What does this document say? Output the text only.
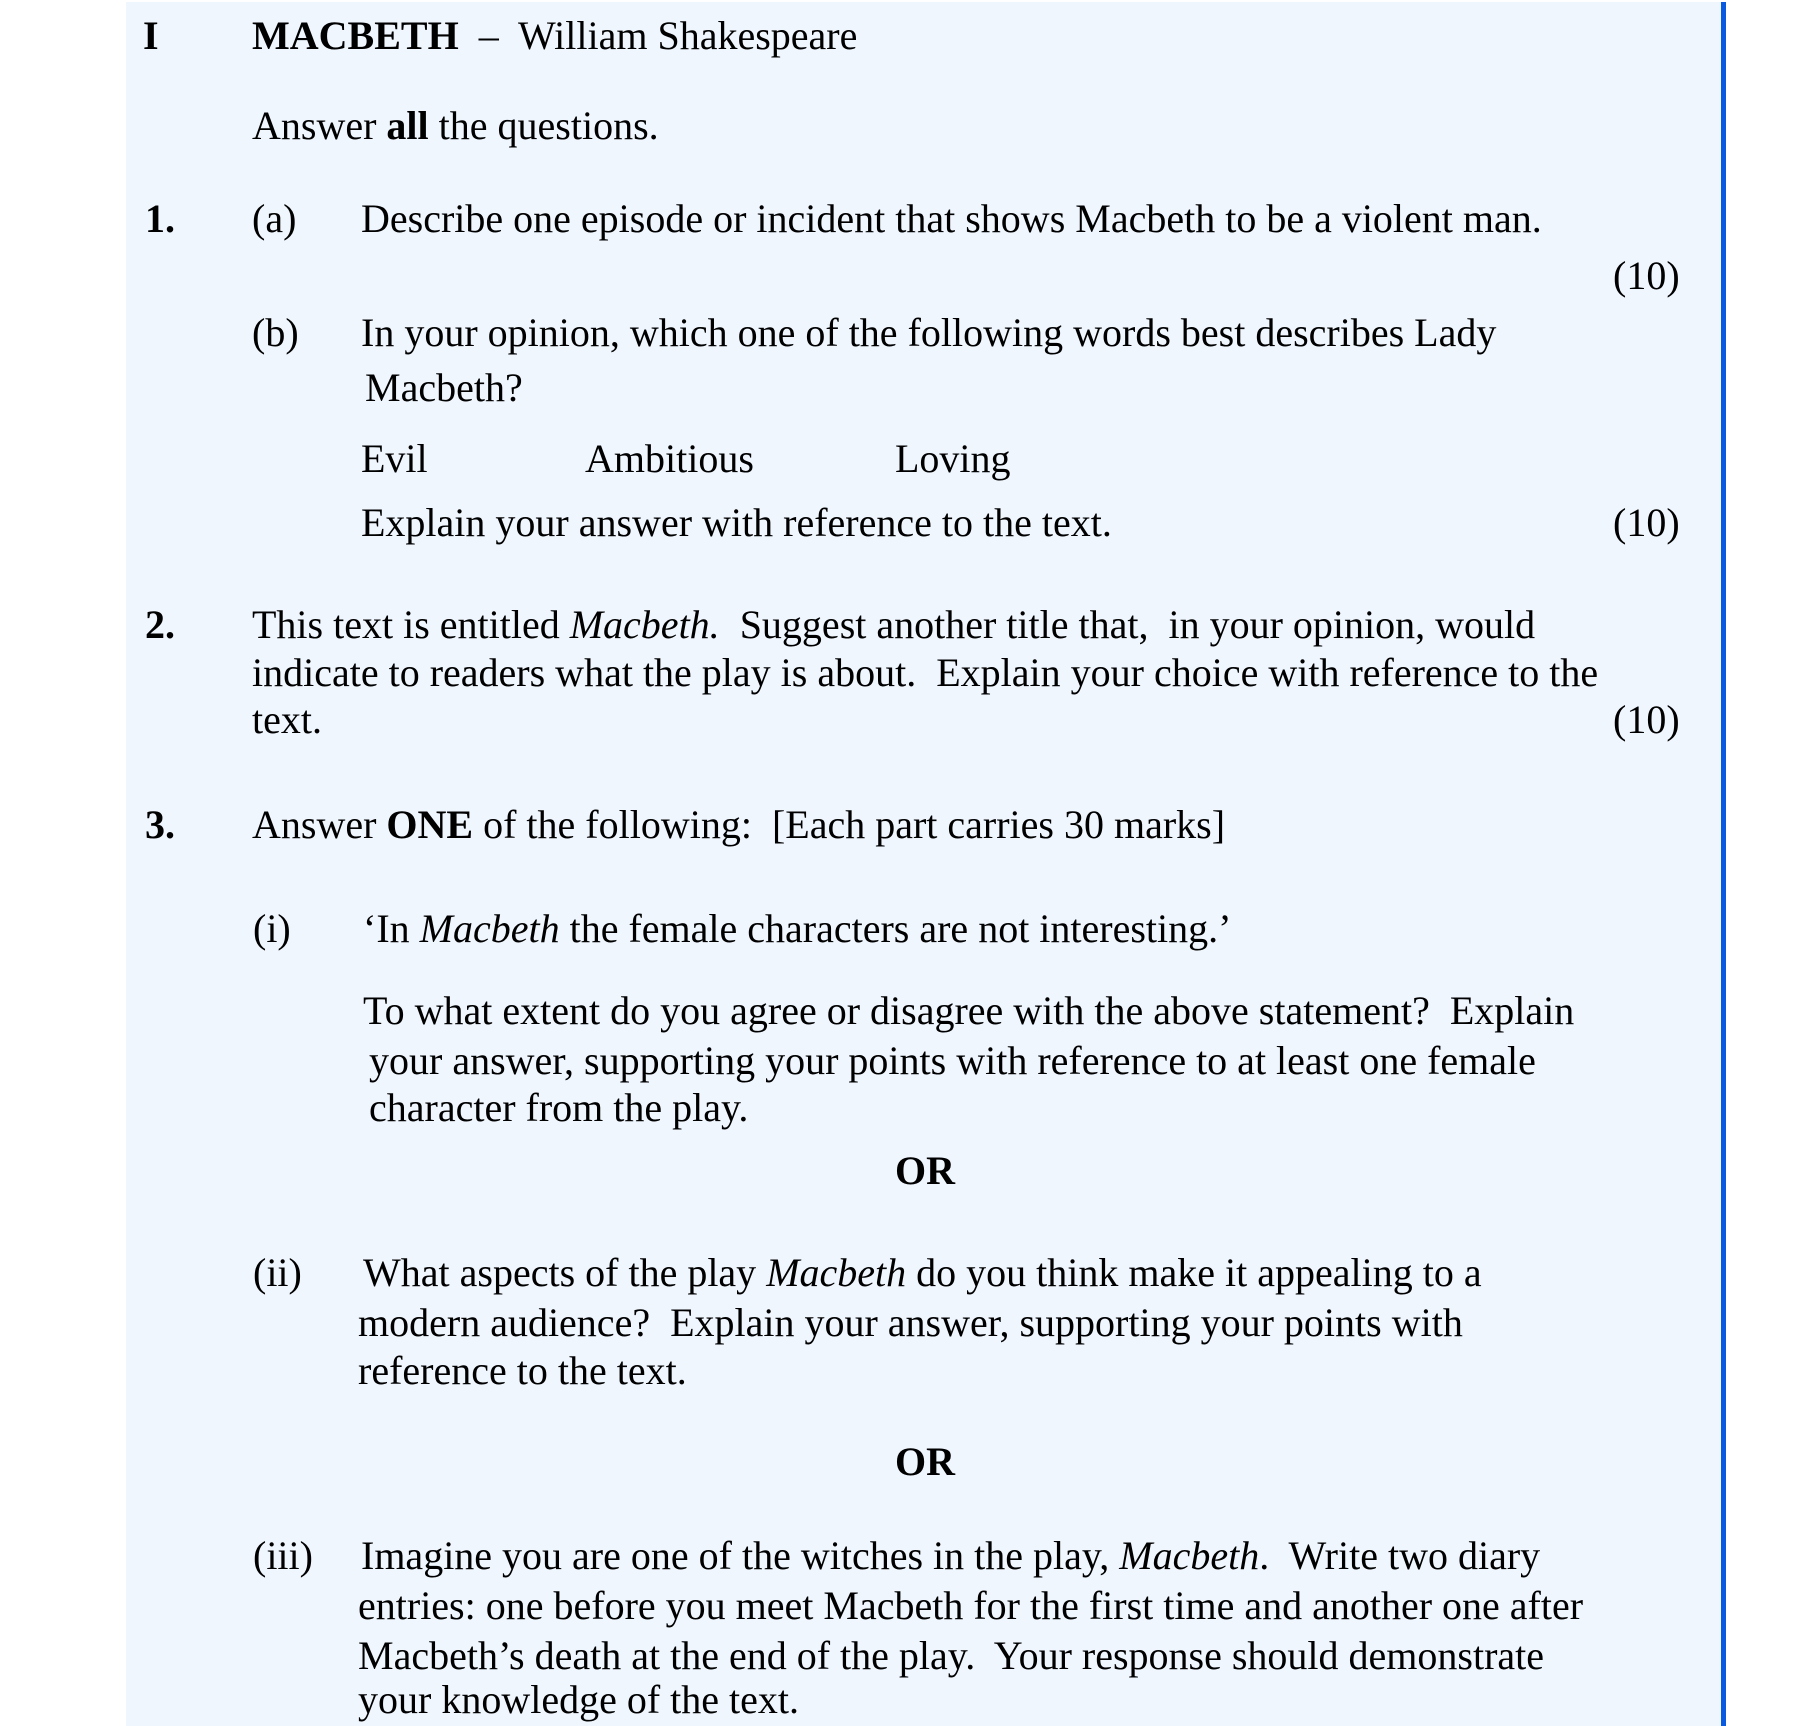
I MACBETH – William Shakespeare
Answer all the questions.
1. (a) Describe one episode or incident that shows Macbeth to be a violent man.
(10)
(b) In your opinion, which one of the following words best describes Lady
Macbeth?
Evil	Ambitious	Loving
Explain your answer with reference to the text.	(10)
2. This text is entitled Macbeth.  Suggest another title that,  in your opinion, would
indicate to readers what the play is about.  Explain your choice with reference to the
text.	(10)
3. Answer ONE of the following:  [Each part carries 30 marks]
(i) ‘In Macbeth the female characters are not interesting.’
To what extent do you agree or disagree with the above statement?  Explain
your answer, supporting your points with reference to at least one female
character from the play.
OR
(ii) What aspects of the play Macbeth do you think make it appealing to a
modern audience?  Explain your answer, supporting your points with
reference to the text.
OR
(iii) Imagine you are one of the witches in the play, Macbeth.  Write two diary
entries: one before you meet Macbeth for the first time and another one after
Macbeth’s death at the end of the play.  Your response should demonstrate
your knowledge of the text.
